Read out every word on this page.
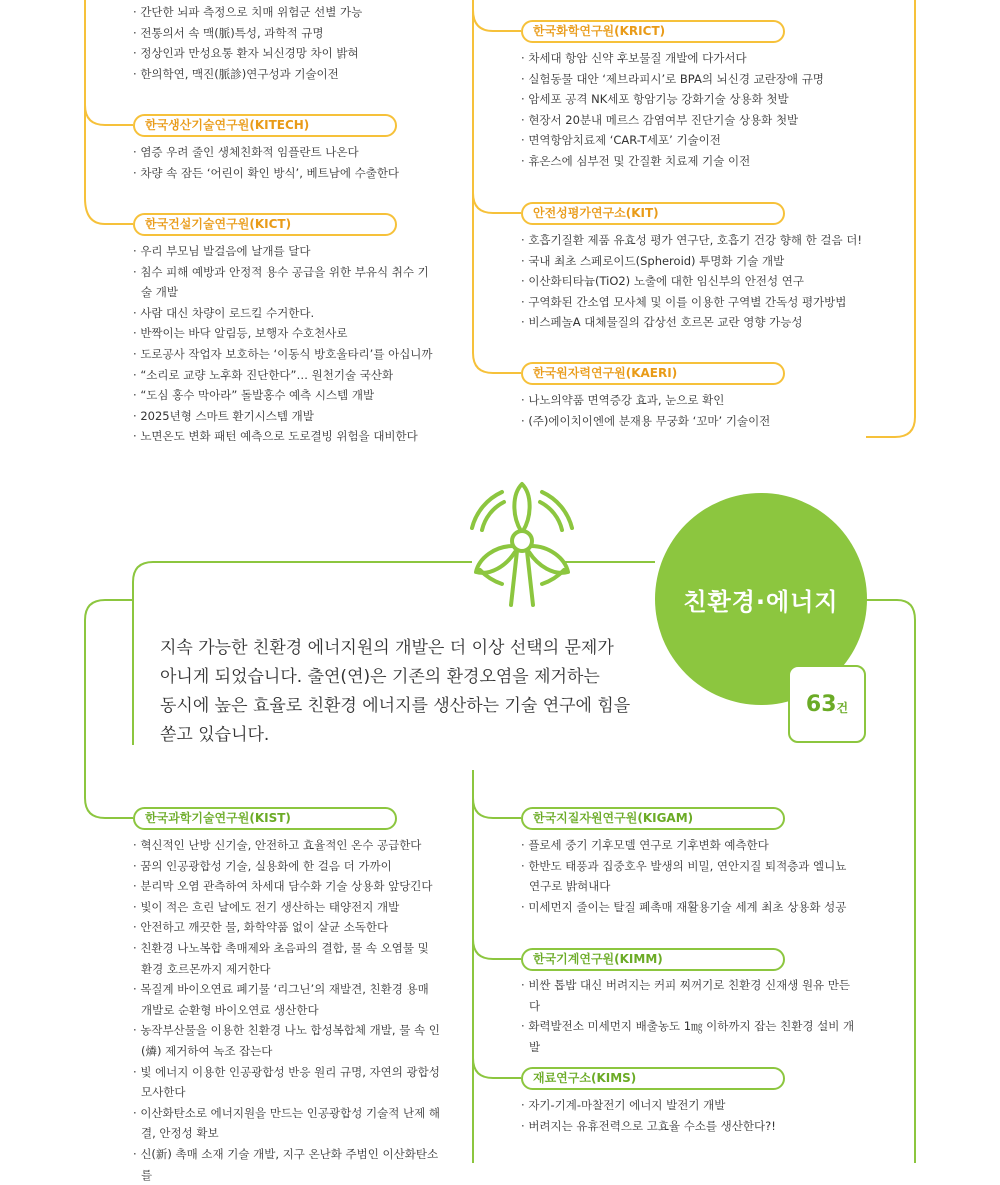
· 간단한 뇌파 측정으로 치매 위험군 선별 가능
· 전통의서 속 맥(脈)특성, 과학적 규명
· 정상인과 만성요통 환자 뇌신경망 차이 밝혀
· 한의학연, 맥진(脈診)연구성과 기술이전
한국생산기술연구원(KITECH)
· 염증 우려 줄인 생체친화적 임플란트 나온다
· 차량 속 잠든 ‘어린이 확인 방식’, 베트남에 수출한다
한국건설기술연구원(KICT)
· 우리 부모님 발걸음에 날개를 달다
· 침수 피해 예방과 안정적 용수 공급을 위한 부유식 취수 기술 개발
· 사람 대신 차량이 로드킬 수거한다.
· 반짝이는 바닥 알림등, 보행자 수호천사로
· 도로공사 작업자 보호하는 ‘이동식 방호울타리’를 아십니까
· “소리로 교량 노후화 진단한다”… 원천기술 국산화
· “도심 홍수 막아라” 돌발홍수 예측 시스템 개발
· 2025년형 스마트 환기시스템 개발
· 노면온도 변화 패턴 예측으로 도로결빙 위험을 대비한다
한국화학연구원(KRICT)
· 차세대 항암 신약 후보물질 개발에 다가서다
· 실험동물 대안 ‘제브라피시’로 BPA의 뇌신경 교란장애 규명
· 암세포 공격 NK세포 항암기능 강화기술 상용화 첫발
· 현장서 20분내 메르스 감염여부 진단기술 상용화 첫발
· 면역항암치료제 ‘CAR-T세포’ 기술이전
· 휴온스에 심부전 및 간질환 치료제 기술 이전
안전성평가연구소(KIT)
· 호흡기질환 제품 유효성 평가 연구단, 호흡기 건강 향해 한 걸음 더!
· 국내 최초 스페로이드(Spheroid) 투명화 기술 개발
· 이산화티타늄(TiO2) 노출에 대한 임신부의 안전성 연구
· 구역화된 간소엽 모사체 및 이를 이용한 구역별 간독성 평가방법
· 비스페놀A 대체물질의 갑상선 호르몬 교란 영향 가능성
한국원자력연구원(KAERI)
· 나노의약품 면역증강 효과, 눈으로 확인
· (주)에이치이엔에 분재용 무궁화 ‘꼬마’ 기술이전
친환경·에너지
63 건
지속 가능한 친환경 에너지원의 개발은 더 이상 선택의 문제가
아니게 되었습니다. 출연(연)은 기존의 환경오염을 제거하는
동시에 높은 효율로 친환경 에너지를 생산하는 기술 연구에 힘을
쏟고 있습니다.
한국과학기술연구원(KIST)
· 혁신적인 난방 신기술, 안전하고 효율적인 온수 공급한다
· 꿈의 인공광합성 기술, 실용화에 한 걸음 더 가까이
· 분리막 오염 관측하여 차세대 담수화 기술 상용화 앞당긴다
· 빛이 적은 흐린 날에도 전기 생산하는 태양전지 개발
· 안전하고 깨끗한 물, 화학약품 없이 살균 소독한다
· 친환경 나노복합 촉매제와 초음파의 결합, 물 속 오염물 및 환경 호르몬까지 제거한다
· 목질계 바이오연료 폐기물 ‘리그닌’의 재발견, 친환경 용매 개발로 순환형 바이오연료 생산한다
· 농작부산물을 이용한 친환경 나노 합성복합체 개발, 물 속 인(燐) 제거하여 녹조 잡는다
· 빛 에너지 이용한 인공광합성 반응 원리 규명, 자연의 광합성 모사한다
· 이산화탄소로 에너지원을 만드는 인공광합성 기술적 난제 해결, 안정성 확보
· 신(新) 촉매 소재 기술 개발, 지구 온난화 주범인 이산화탄소를
한국지질자원연구원(KIGAM)
· 플로세 중기 기후모델 연구로 기후변화 예측한다
· 한반도 태풍과 집중호우 발생의 비밀, 연안지질 퇴적층과 엘니뇨 연구로 밝혀내다
· 미세먼지 줄이는 탈질 폐촉매 재활용기술 세계 최초 상용화 성공
한국기계연구원(KIMM)
· 비싼 톱밥 대신 버려지는 커피 찌꺼기로 친환경 신재생 원유 만든다
· 화력발전소 미세먼지 배출농도 1㎎ 이하까지 잡는 친환경 설비 개발
재료연구소(KIMS)
· 자기-기계-마찰전기 에너지 발전기 개발
· 버려지는 유휴전력으로 고효율 수소를 생산한다?!
